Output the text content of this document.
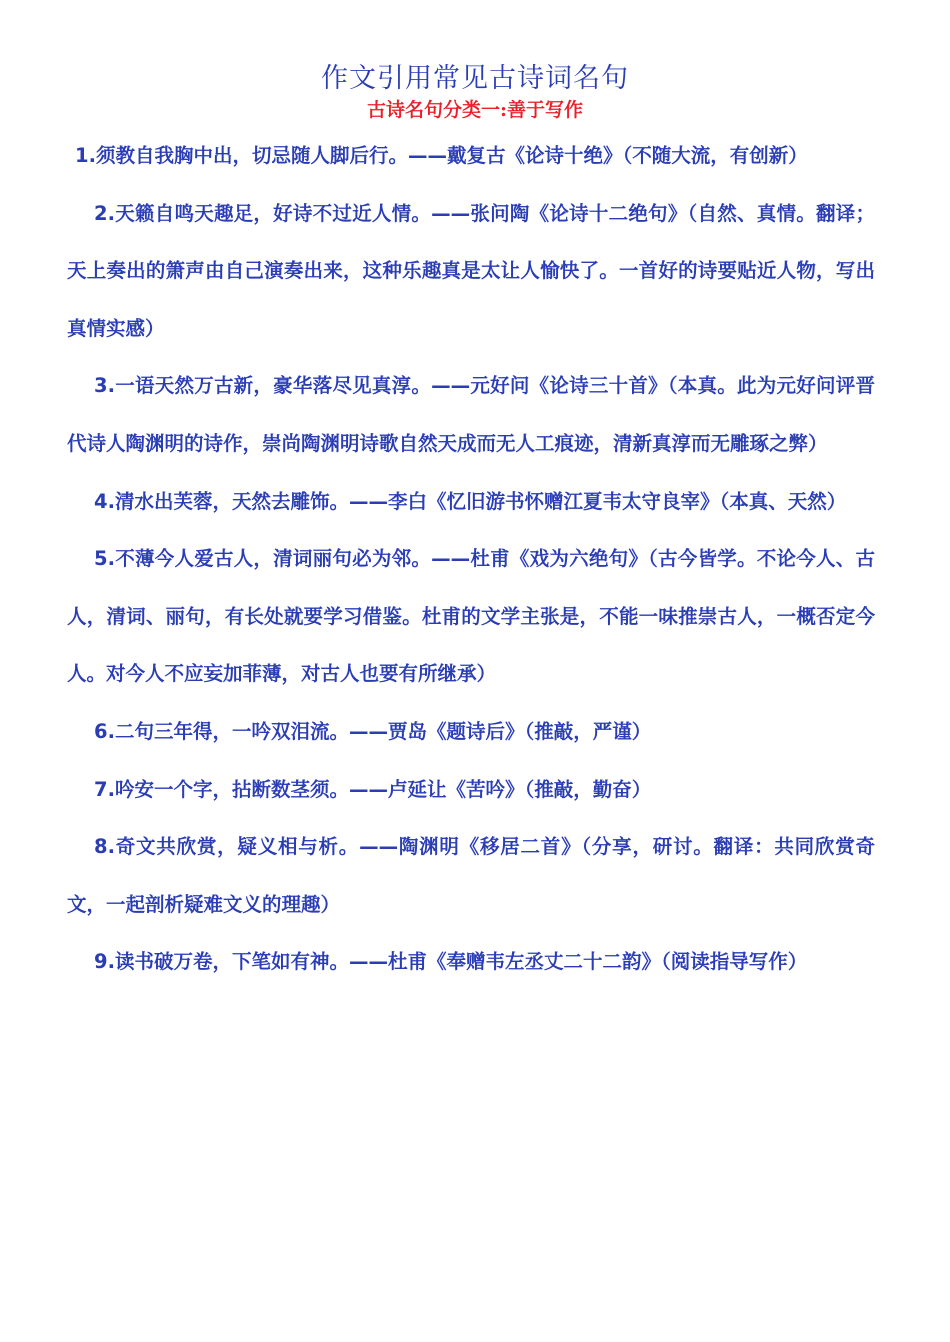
作文引用常见古诗词名句
古诗名句分类一:善于写作

1.须教自我胸中出，切忌随人脚后行。——戴复古《论诗十绝》（不随大流，有创新）

2.天籁自鸣天趣足，好诗不过近人情。——张问陶《论诗十二绝句》（自然、真情。翻译；天上奏出的箫声由自己演奏出来，这种乐趣真是太让人愉快了。一首好的诗要贴近人物，写出真情实感）

3.一语天然万古新，豪华落尽见真淳。——元好问《论诗三十首》（本真。此为元好问评晋代诗人陶渊明的诗作，崇尚陶渊明诗歌自然天成而无人工痕迹，清新真淳而无雕琢之弊）

4.清水出芙蓉，天然去雕饰。——李白《忆旧游书怀赠江夏韦太守良宰》（本真、天然）

5.不薄今人爱古人，清词丽句必为邻。——杜甫《戏为六绝句》（古今皆学。不论今人、古人，清词、丽句，有长处就要学习借鉴。杜甫的文学主张是，不能一味推崇古人，一概否定今人。对今人不应妄加菲薄，对古人也要有所继承）

6.二句三年得，一吟双泪流。——贾岛《题诗后》（推敲，严谨）

7.吟安一个字，拈断数茎须。——卢延让《苦吟》（推敲，勤奋）

8.奇文共欣赏，疑义相与析。——陶渊明《移居二首》（分享，研讨。翻译：共同欣赏奇文，一起剖析疑难文义的理趣）

9.读书破万卷，下笔如有神。——杜甫《奉赠韦左丞丈二十二韵》（阅读指导写作）
